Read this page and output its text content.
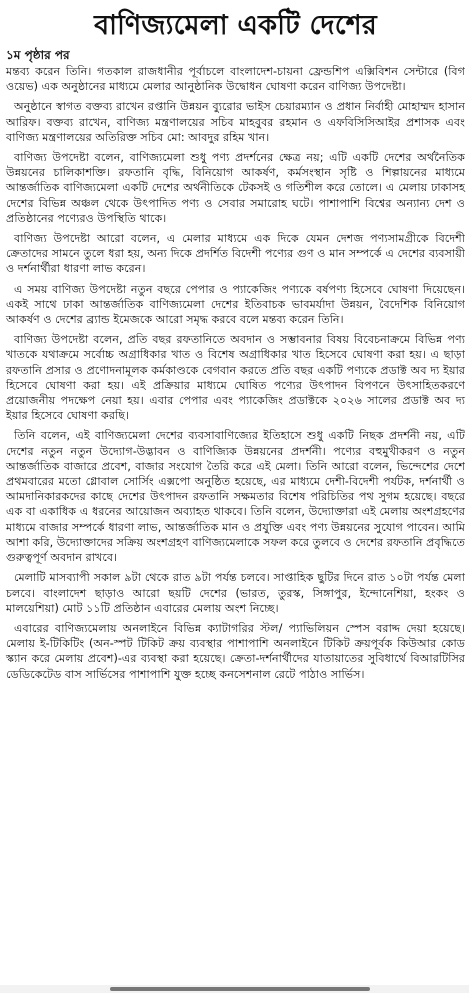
বাণিজ্যমেলা একটি দেশের
১ম পৃষ্ঠার পর

মন্তব্য করেন তিনি। গতকাল রাজধানীর পূর্বাচলে বাংলাদেশ-চায়না ফ্রেন্ডশিপ এক্সিবিশন সেন্টারে (বিগ ওয়েভ) এক অনুষ্ঠানের মাধ্যমে মেলার আনুষ্ঠানিক উদ্বোধন ঘোষণা করেন বাণিজ্য উপদেষ্টা।

অনুষ্ঠানে স্বাগত বক্তব্য রাখেন রপ্তানি উন্নয়ন ব্যুরোর ভাইস চেয়ারম্যান ও প্রধান নির্বাহী মোহাম্মদ হাসান আরিফ। বক্তব্য রাখেন, বাণিজ্য মন্ত্রণালয়ের সচিব মাহবুবর রহমান ও এফবিসিসিআইর প্রশাসক এবং বাণিজ্য মন্ত্রণালয়ের অতিরিক্ত সচিব মো: আবদুর রহিম খান।

বাণিজ্য উপদেষ্টা বলেন, বাণিজ্যমেলা শুধু পণ্য প্রদর্শনের ক্ষেত্র নয়; এটি একটি দেশের অর্থনৈতিক উন্নয়নের চালিকাশক্তি। রফতানি বৃদ্ধি, বিনিয়োগ আকর্ষণ, কর্মসংস্থান সৃষ্টি ও শিল্পায়নের মাধ্যমে আন্তর্জাতিক বাণিজ্যমেলা একটি দেশের অর্থনীতিকে টেকসই ও গতিশীল করে তোলে। এ মেলায় ঢাকাসহ দেশের বিভিন্ন অঞ্চল থেকে উৎপাদিত পণ্য ও সেবার সমারোহ ঘটে। পাশাপাশি বিশ্বের অন্যান্য দেশ ও প্রতিষ্ঠানের পণ্যেরও উপস্থিতি থাকে।

বাণিজ্য উপদেষ্টা আরো বলেন, এ মেলার মাধ্যমে এক দিকে যেমন দেশজ পণ্যসামগ্রীকে বিদেশী ক্রেতাদের সামনে তুলে ধরা হয়, অন্য দিকে প্রদর্শিত বিদেশী পণ্যের গুণ ও মান সম্পর্কে এ দেশের ব্যবসায়ী ও দর্শনার্থীরা ধারণা লাভ করেন।

এ সময় বাণিজ্য উপদেষ্টা নতুন বছরে পেপার ও প্যাকেজিং পণ্যকে বর্ষপণ্য হিসেবে ঘোষণা দিয়েছেন। একই সাথে ঢাকা আন্তর্জাতিক বাণিজ্যমেলা দেশের ইতিবাচক ভাবমর্যাদা উন্নয়ন, বৈদেশিক বিনিয়োগ আকর্ষণ ও দেশের ব্র্যান্ড ইমেজকে আরো সমৃদ্ধ করবে বলে মন্তব্য করেন তিনি।

বাণিজ্য উপদেষ্টা বলেন, প্রতি বছর রফতানিতে অবদান ও সম্ভাবনার বিষয় বিবেচনাক্রমে বিভিন্ন পণ্য খাতকে যথাক্রমে সর্বোচ্চ অগ্রাধিকার খাত ও বিশেষ অগ্রাধিকার খাত হিসেবে ঘোষণা করা হয়। এ ছাড়া রফতানি প্রসার ও প্রণোদনামূলক কর্মকাণ্ডকে বেগবান করতে প্রতি বছর একটি পণ্যকে প্রডাক্ট অব দ্য ইয়ার হিসেবে ঘোষণা করা হয়। এই প্রক্রিয়ার মাধ্যমে ঘোষিত পণ্যের উৎপাদন বিপণনে উৎসাহিতকরণে প্রয়োজনীয় পদক্ষেপ নেয়া হয়। এবার পেপার এবং প্যাকেজিং প্রডাক্টকে ২০২৬ সালের প্রডাক্ট অব দ্য ইয়ার হিসেবে ঘোষণা করছি।

তিনি বলেন, এই বাণিজ্যমেলা দেশের ব্যবসাবাণিজ্যের ইতিহাসে শুধু একটি নিছক প্রদর্শনী নয়, এটি দেশের নতুন নতুন উদ্যোগ-উদ্ভাবন ও বাণিজ্যিক উন্নয়নের প্রদর্শনী। পণ্যের বহুমুখীকরণ ও নতুন আন্তর্জাতিক বাজারে প্রবেশ, বাজার সংযোগ তৈরি করে এই মেলা। তিনি আরো বলেন, ভিন্দেশের দেশে প্রথমবারের মতো গ্লোবাল সোর্সিং এক্সপো অনুষ্ঠিত হয়েছে, এর মাধ্যমে দেশী-বিদেশী পর্যটক, দর্শনার্থী ও আমদানিকারকদের কাছে দেশের উৎপাদন রফতানি সক্ষমতার বিশেষ পরিচিতির পথ সুগম হয়েছে। বছরে এক বা একাধিক এ ধরনের আয়োজন অব্যাহত থাকবে। তিনি বলেন, উদ্যোক্তারা এই মেলায় অংশগ্রহণের মাধ্যমে বাজার সম্পর্কে ধারণা লাভ, আন্তর্জাতিক মান ও প্রযুক্তি এবং পণ্য উন্নয়নের সুযোগ পাবেন। আমি আশা করি, উদ্যোক্তাদের সক্রিয় অংশগ্রহণ বাণিজ্যমেলাকে সফল করে তুলবে ও দেশের রফতানি প্রবৃদ্ধিতে গুরুত্বপূর্ণ অবদান রাখবে।

মেলাটি মাসব্যাপী সকাল ৯টা থেকে রাত ৯টা পর্যন্ত চলবে। সাপ্তাহিক ছুটির দিনে রাত ১০টা পর্যন্ত মেলা চলবে। বাংলাদেশ ছাড়াও আরো ছয়টি দেশের (ভারত, তুরস্ক, সিঙ্গাপুর, ইন্দোনেশিয়া, হংকং ও মালয়েশিয়া) মোট ১১টি প্রতিষ্ঠান এবারের মেলায় অংশ নিচ্ছে।

এবারের বাণিজ্যমেলায় অনলাইনে বিভিন্ন ক্যাটাগরির স্টল/ প্যাভিলিয়ন স্পেস বরাদ্দ দেয়া হয়েছে। মেলায় ই-টিকিটিং (অন-স্পট টিকিট ক্রয় ব্যবস্থার পাশাপাশি অনলাইনে টিকিট ক্রয়পূর্বক কিউআর কোড স্ক্যান করে মেলায় প্রবেশ)-এর ব্যবস্থা করা হয়েছে। ক্রেতা-দর্শনার্থীদের যাতায়াতের সুবিধার্থে বিআরটিসির ডেডিকেটেড বাস সার্ভিসের পাশাপাশি যুক্ত হচ্ছে কনসেশনাল রেটে পাঠাও সার্ভিস।
